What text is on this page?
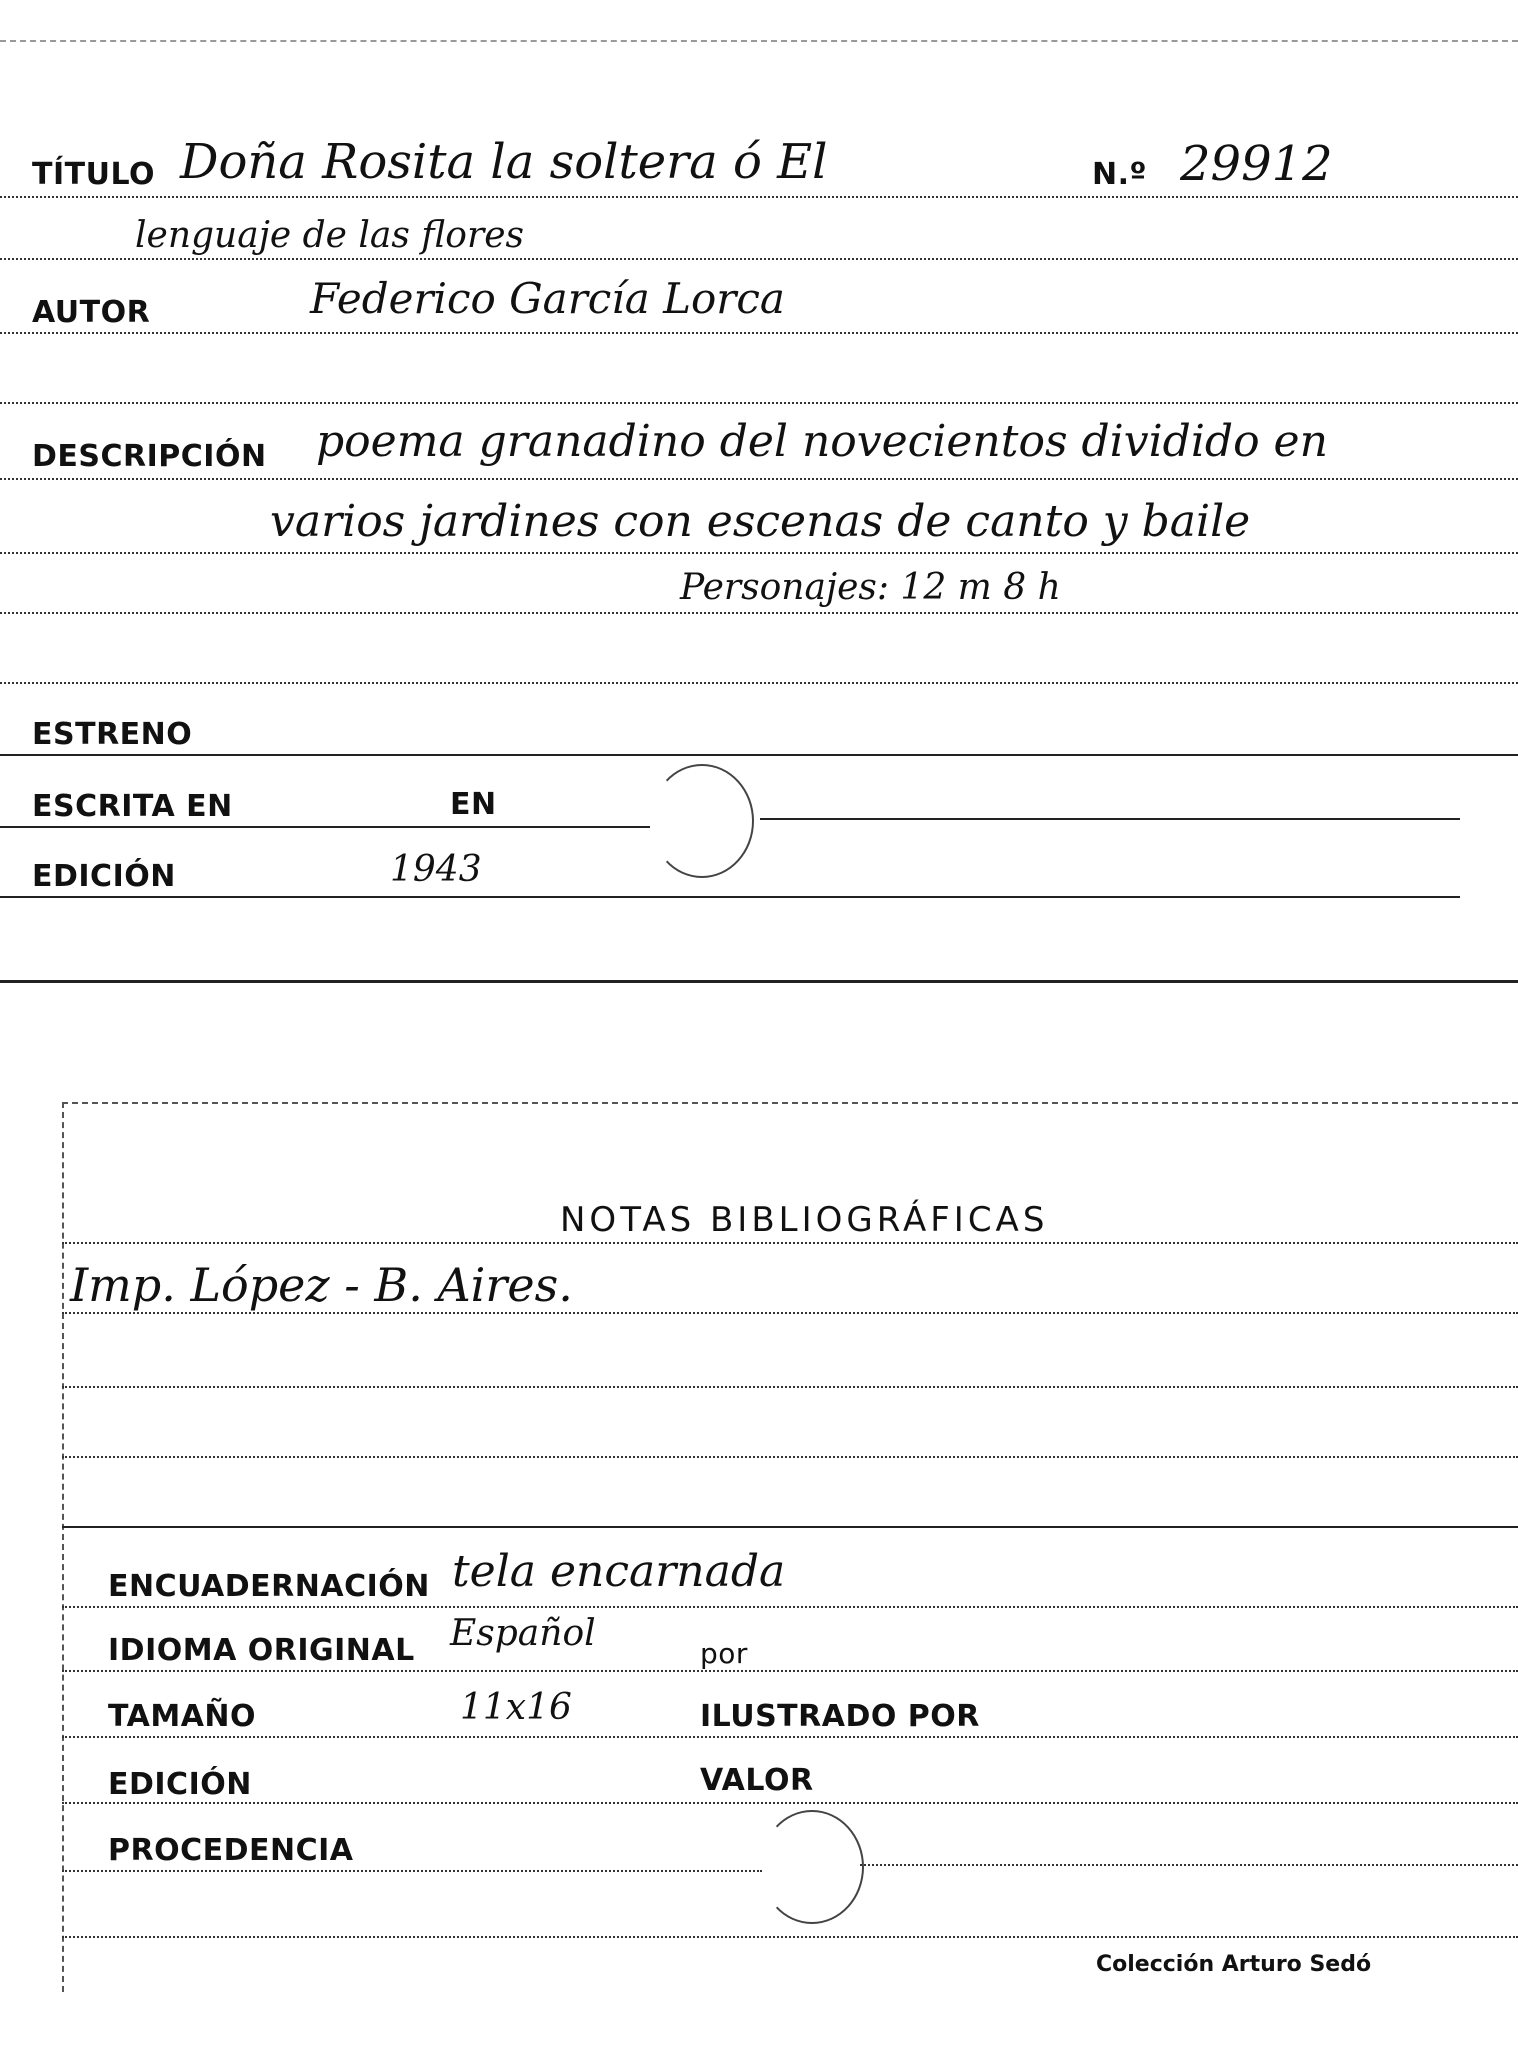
TÍTULO Doña Rosita la soltera ó El	N.º 29912
lenguaje de las flores
AUTOR	Federico García Lorca
DESCRIPCIÓN poema granadino del novecientos dividido en
varios jardines con escenas de canto y baile
Personajes: 12 m 8 h
ESTRENO
ESCRITA EN	EN
EDICIÓN	1943
NOTAS BIBLIOGRÁFICAS
Imp. López - B. Aires.
ENCUADERNACIÓN tela encarnada
IDIOMA ORIGINAL Español	por
TAMAÑO	11x16	ILUSTRADO POR
EDICIÓN	VALOR
PROCEDENCIA
Colección Arturo Sedó
